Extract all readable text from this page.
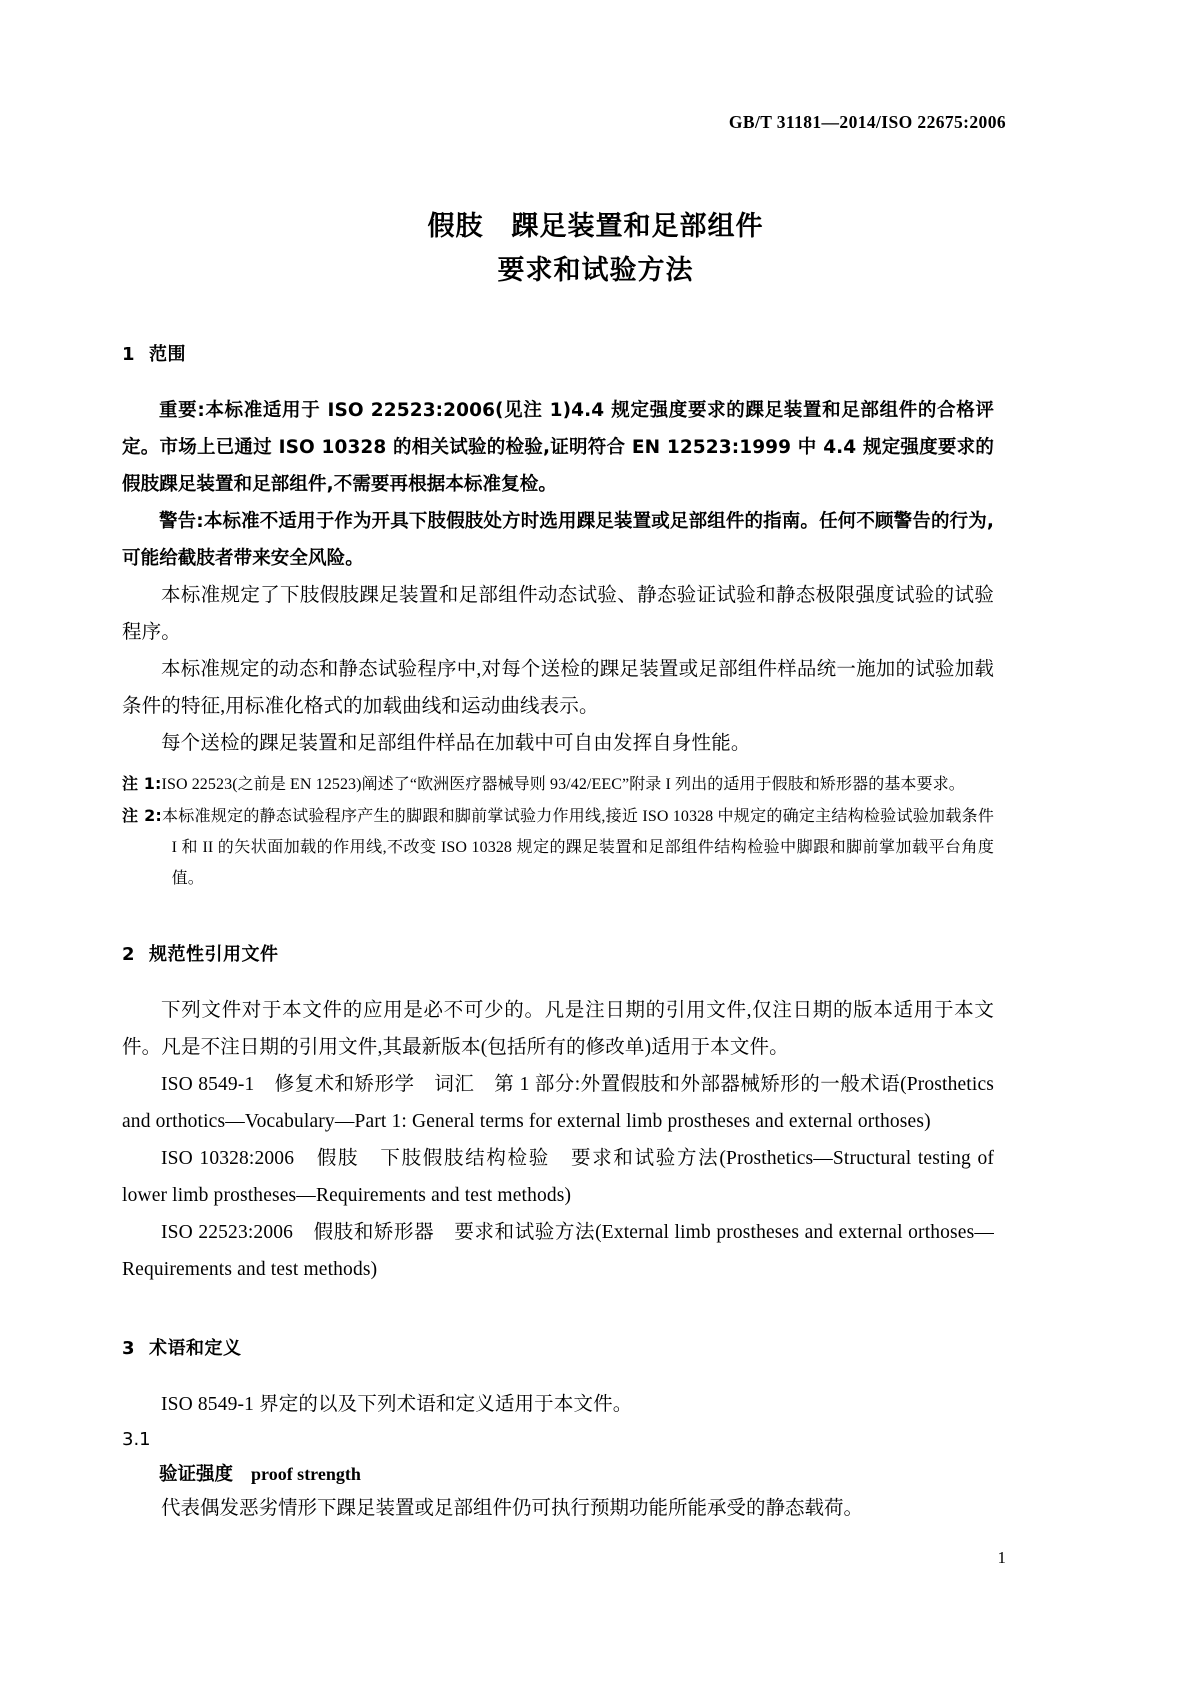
GB/T 31181—2014/ISO 22675:2006
假肢　踝足装置和足部组件
要求和试验方法
1 范围

重要:本标准适用于 ISO 22523:2006(见注 1)4.4 规定强度要求的踝足装置和足部组件的合格评定。市场上已通过 ISO 10328 的相关试验的检验,证明符合 EN 12523:1999 中 4.4 规定强度要求的假肢踝足装置和足部组件,不需要再根据本标准复检。

警告:本标准不适用于作为开具下肢假肢处方时选用踝足装置或足部组件的指南。任何不顾警告的行为,可能给截肢者带来安全风险。

本标准规定了下肢假肢踝足装置和足部组件动态试验、静态验证试验和静态极限强度试验的试验程序。

本标准规定的动态和静态试验程序中,对每个送检的踝足装置或足部组件样品统一施加的试验加载条件的特征,用标准化格式的加载曲线和运动曲线表示。

每个送检的踝足装置和足部组件样品在加载中可自由发挥自身性能。

注 1:ISO 22523(之前是 EN 12523)阐述了“欧洲医疗器械导则 93/42/EEC”附录 I 列出的适用于假肢和矫形器的基本要求。

注 2:本标准规定的静态试验程序产生的脚跟和脚前掌试验力作用线,接近 ISO 10328 中规定的确定主结构检验试验加载条件 I 和 II 的矢状面加载的作用线,不改变 ISO 10328 规定的踝足装置和足部组件结构检验中脚跟和脚前掌加载平台角度值。

2 规范性引用文件

下列文件对于本文件的应用是必不可少的。凡是注日期的引用文件,仅注日期的版本适用于本文件。凡是不注日期的引用文件,其最新版本(包括所有的修改单)适用于本文件。

ISO 8549-1　修复术和矫形学　词汇　第 1 部分:外置假肢和外部器械矫形的一般术语(Prosthetics and orthotics—Vocabulary—Part 1: General terms for external limb prostheses and external orthoses)

ISO 10328:2006　假肢　下肢假肢结构检验　要求和试验方法(Prosthetics—Structural testing of lower limb prostheses—Requirements and test methods)

ISO 22523:2006　假肢和矫形器　要求和试验方法(External limb prostheses and external orthoses—Requirements and test methods)

3 术语和定义

ISO 8549-1 界定的以及下列术语和定义适用于本文件。

3.1
验证强度 proof strength
代表偶发恶劣情形下踝足装置或足部组件仍可执行预期功能所能承受的静态载荷。
1
